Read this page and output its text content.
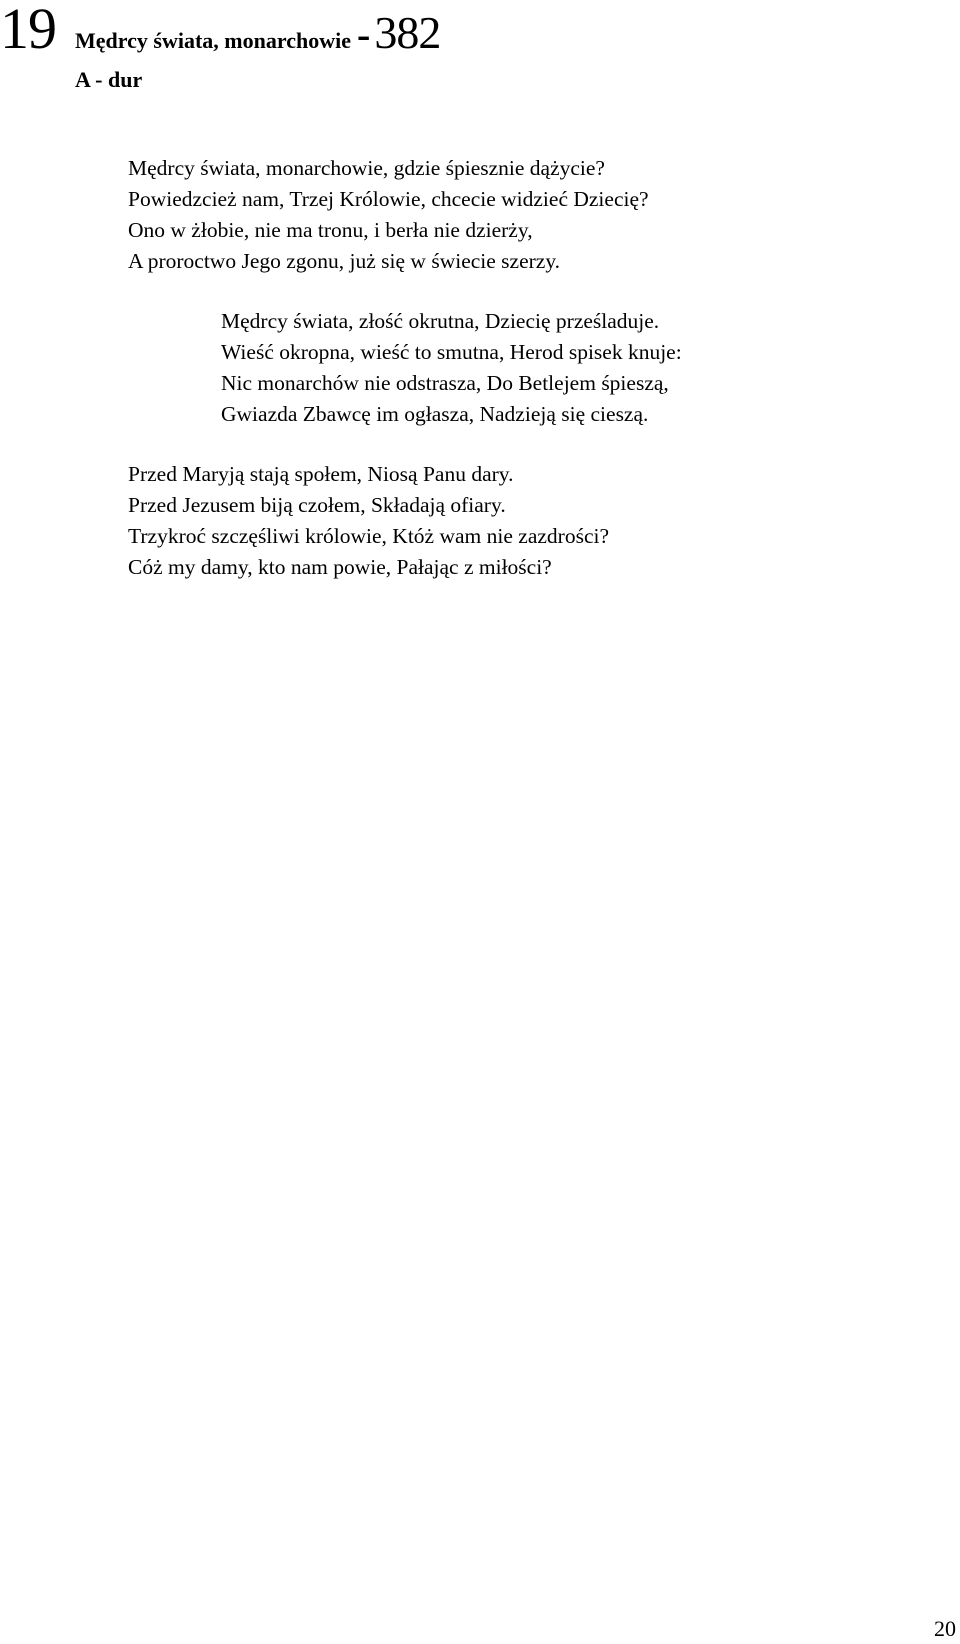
19 Mędrcy świata, monarchowie -382
A - dur
Mędrcy świata, monarchowie, gdzie śpiesznie dążycie?
Powiedzcież nam, Trzej Królowie, chcecie widzieć Dziecię?
Ono w żłobie, nie ma tronu, i berła nie dzierży,
A proroctwo Jego zgonu, już się w świecie szerzy.
Mędrcy świata, złość okrutna, Dziecię prześladuje.
Wieść okropna, wieść to smutna, Herod spisek knuje:
Nic monarchów nie odstrasza, Do Betlejem śpieszą,
Gwiazda Zbawcę im ogłasza, Nadzieją się cieszą.
Przed Maryją stają społem, Niosą Panu dary.
Przed Jezusem biją czołem, Składają ofiary.
Trzykroć szczęśliwi królowie, Któż wam nie zazdrości?
Cóż my damy, kto nam powie, Pałając z miłości?
20
